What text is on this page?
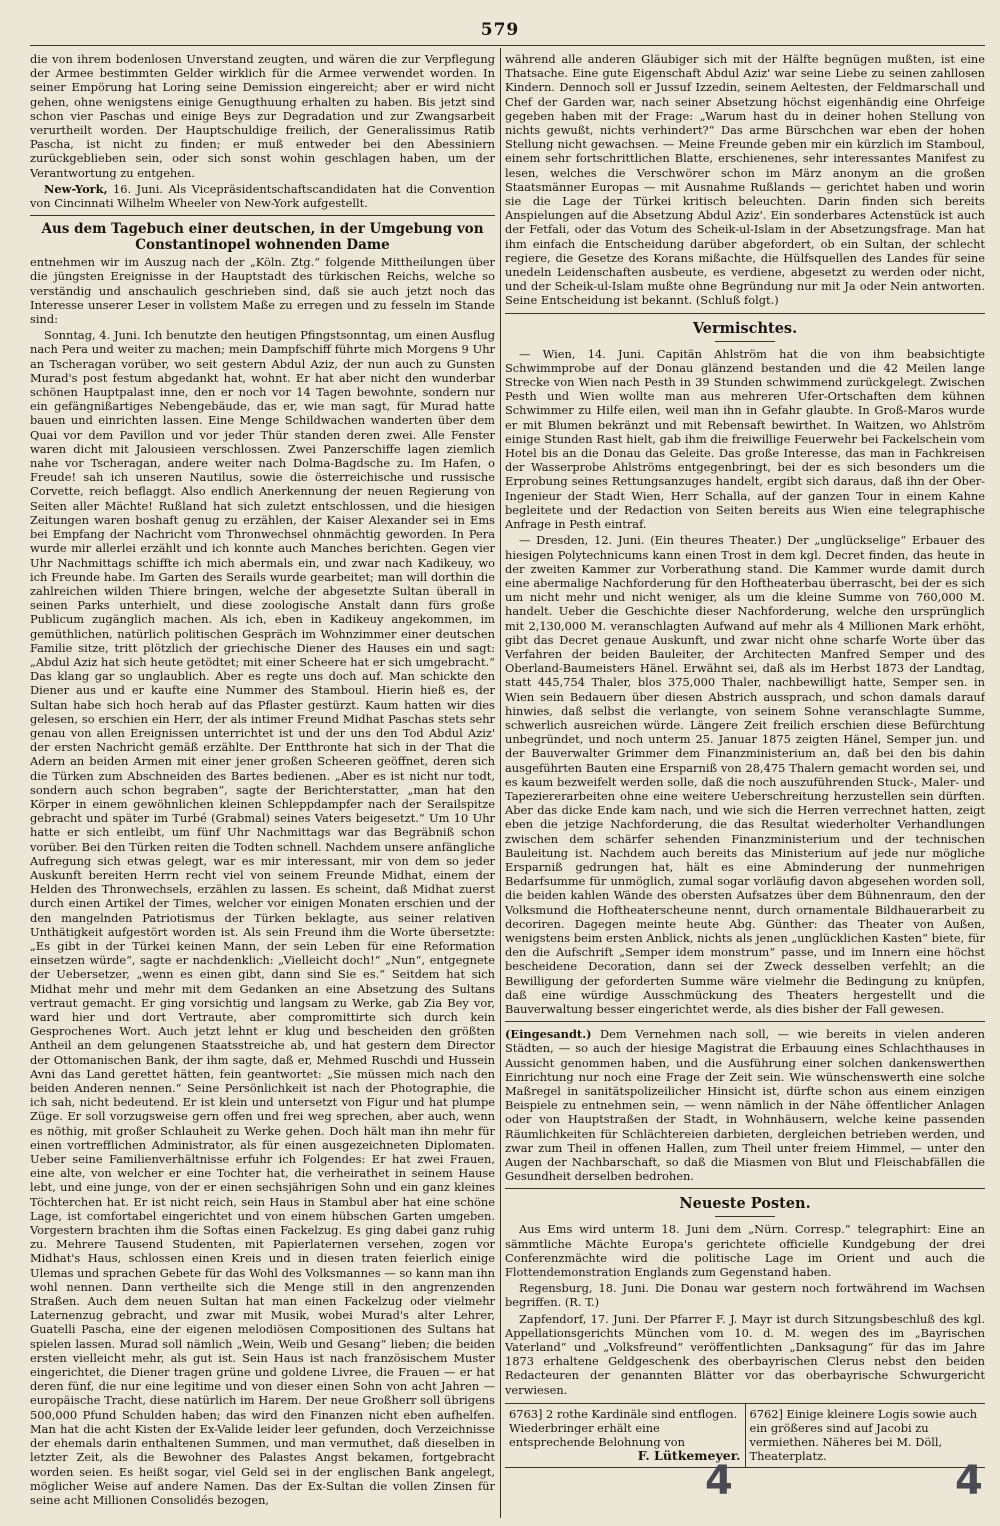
579

die von ihrem bodenlosen Unverstand zeugten, und wären die zur Verpflegung der Armee bestimmten Gelder wirklich für die Armee verwendet worden. In seiner Empörung hat Loring seine Demission eingereicht; aber er wird nicht gehen, ohne wenigstens einige Genugthuung erhalten zu haben. Bis jetzt sind schon vier Paschas und einige Beys zur Degradation und zur Zwangsarbeit verurtheilt worden. Der Hauptschuldige freilich, der Generalissimus Ratib Pascha, ist nicht zu finden; er muß entweder bei den Abessiniern zurückgeblieben sein, oder sich sonst wohin geschlagen haben, um der Verantwortung zu entgehen.

New-York, 16. Juni. Als Vicepräsidentschaftscandidaten hat die Convention von Cincinnati Wilhelm Wheeler von New-York aufgestellt.

Aus dem Tagebuch einer deutschen, in der Umgebung von Constantinopel wohnenden Dame

entnehmen wir im Auszug nach der „Köln. Ztg.“ folgende Mittheilungen über die jüngsten Ereignisse in der Hauptstadt des türkischen Reichs, welche so verständig und anschaulich geschrieben sind, daß sie auch jetzt noch das Interesse unserer Leser in vollstem Maße zu erregen und zu fesseln im Stande sind:

Sonntag, 4. Juni. Ich benutzte den heutigen Pfingstsonntag, um einen Ausflug nach Pera und weiter zu machen; mein Dampfschiff führte mich Morgens 9 Uhr an Tscheragan vorüber, wo seit gestern Abdul Aziz, der nun auch zu Gunsten Murad's post festum abgedankt hat, wohnt. Er hat aber nicht den wunderbar schönen Hauptpalast inne, den er noch vor 14 Tagen bewohnte, sondern nur ein gefängnißartiges Nebengebäude, das er, wie man sagt, für Murad hatte bauen und einrichten lassen. Eine Menge Schildwachen wanderten über dem Quai vor dem Pavillon und vor jeder Thür standen deren zwei. Alle Fenster waren dicht mit Jalousieen verschlossen. Zwei Panzerschiffe lagen ziemlich nahe vor Tscheragan, andere weiter nach Dolma-Bagdsche zu. Im Hafen, o Freude! sah ich unseren Nautilus, sowie die österreichische und russische Corvette, reich beflaggt. Also endlich Anerkennung der neuen Regierung von Seiten aller Mächte! Rußland hat sich zuletzt entschlossen, und die hiesigen Zeitungen waren boshaft genug zu erzählen, der Kaiser Alexander sei in Ems bei Empfang der Nachricht vom Thronwechsel ohnmächtig geworden. In Pera wurde mir allerlei erzählt und ich konnte auch Manches berichten. Gegen vier Uhr Nachmittags schiffte ich mich abermals ein, und zwar nach Kadikeuy, wo ich Freunde habe. Im Garten des Serails wurde gearbeitet; man will dorthin die zahlreichen wilden Thiere bringen, welche der abgesetzte Sultan überall in seinen Parks unterhielt, und diese zoologische Anstalt dann fürs große Publicum zugänglich machen. Als ich, eben in Kadikeuy angekommen, im gemüthlichen, natürlich politischen Gespräch im Wohnzimmer einer deutschen Familie sitze, tritt plötzlich der griechische Diener des Hauses ein und sagt: „Abdul Aziz hat sich heute getödtet; mit einer Scheere hat er sich umgebracht.“ Das klang gar so unglaublich. Aber es regte uns doch auf. Man schickte den Diener aus und er kaufte eine Nummer des Stamboul. Hierin hieß es, der Sultan habe sich hoch herab auf das Pflaster gestürzt. Kaum hatten wir dies gelesen, so erschien ein Herr, der als intimer Freund Midhat Paschas stets sehr genau von allen Ereignissen unterrichtet ist und der uns den Tod Abdul Aziz' der ersten Nachricht gemäß erzählte. Der Entthronte hat sich in der That die Adern an beiden Armen mit einer jener großen Scheeren geöffnet, deren sich die Türken zum Abschneiden des Bartes bedienen. „Aber es ist nicht nur todt, sondern auch schon begraben“, sagte der Berichterstatter, „man hat den Körper in einem gewöhnlichen kleinen Schleppdampfer nach der Serailspitze gebracht und später im Turbé (Grabmal) seines Vaters beigesetzt.“ Um 10 Uhr hatte er sich entleibt, um fünf Uhr Nachmittags war das Begräbniß schon vorüber. Bei den Türken reiten die Todten schnell. Nachdem unsere anfängliche Aufregung sich etwas gelegt, war es mir interessant, mir von dem so jeder Auskunft bereiten Herrn recht viel von seinem Freunde Midhat, einem der Helden des Thronwechsels, erzählen zu lassen. Es scheint, daß Midhat zuerst durch einen Artikel der Times, welcher vor einigen Monaten erschien und der den mangelnden Patriotismus der Türken beklagte, aus seiner relativen Unthätigkeit aufgestört worden ist. Als sein Freund ihm die Worte übersetzte: „Es gibt in der Türkei keinen Mann, der sein Leben für eine Reformation einsetzen würde“, sagte er nachdenklich: „Vielleicht doch!“ „Nun“, entgegnete der Uebersetzer, „wenn es einen gibt, dann sind Sie es.“ Seitdem hat sich Midhat mehr und mehr mit dem Gedanken an eine Absetzung des Sultans vertraut gemacht. Er ging vorsichtig und langsam zu Werke, gab Zia Bey vor, ward hier und dort Vertraute, aber compromittirte sich durch kein Gesprochenes Wort. Auch jetzt lehnt er klug und bescheiden den größten Antheil an dem gelungenen Staatsstreiche ab, und hat gestern dem Director der Ottomanischen Bank, der ihm sagte, daß er, Mehmed Ruschdi und Hussein Avni das Land gerettet hätten, fein geantwortet: „Sie müssen mich nach den beiden Anderen nennen.“ Seine Persönlichkeit ist nach der Photographie, die ich sah, nicht bedeutend. Er ist klein und untersetzt von Figur und hat plumpe Züge. Er soll vorzugsweise gern offen und frei weg sprechen, aber auch, wenn es nöthig, mit großer Schlauheit zu Werke gehen. Doch hält man ihn mehr für einen vortrefflichen Administrator, als für einen ausgezeichneten Diplomaten. Ueber seine Familienverhältnisse erfuhr ich Folgendes: Er hat zwei Frauen, eine alte, von welcher er eine Tochter hat, die verheirathet in seinem Hause lebt, und eine junge, von der er einen sechsjährigen Sohn und ein ganz kleines Töchterchen hat. Er ist nicht reich, sein Haus in Stambul aber hat eine schöne Lage, ist comfortabel eingerichtet und von einem hübschen Garten umgeben. Vorgestern brachten ihm die Softas einen Fackelzug. Es ging dabei ganz ruhig zu. Mehrere Tausend Studenten, mit Papierlaternen versehen, zogen vor Midhat's Haus, schlossen einen Kreis und in diesen traten feierlich einige Ulemas und sprachen Gebete für das Wohl des Volksmannes — so kann man ihn wohl nennen. Dann vertheilte sich die Menge still in den angrenzenden Straßen. Auch dem neuen Sultan hat man einen Fackelzug oder vielmehr Laternenzug gebracht, und zwar mit Musik, wobei Murad's alter Lehrer, Guatelli Pascha, eine der eigenen melodiösen Compositionen des Sultans hat spielen lassen. Murad soll nämlich „Wein, Weib und Gesang“ lieben; die beiden ersten vielleicht mehr, als gut ist. Sein Haus ist nach französischem Muster eingerichtet, die Diener tragen grüne und goldene Livree, die Frauen — er hat deren fünf, die nur eine legitime und von dieser einen Sohn von acht Jahren — europäische Tracht, diese natürlich im Harem. Der neue Großherr soll übrigens 500,000 Pfund Schulden haben; das wird den Finanzen nicht eben aufhelfen. Man hat die acht Kisten der Ex-Valide leider leer gefunden, doch Verzeichnisse der ehemals darin enthaltenen Summen, und man vermuthet, daß dieselben in letzter Zeit, als die Bewohner des Palastes Angst bekamen, fortgebracht worden seien. Es heißt sogar, viel Geld sei in der englischen Bank angelegt, möglicher Weise auf andere Namen. Das der Ex-Sultan die vollen Zinsen für seine acht Millionen Consolidés bezogen,

während alle anderen Gläubiger sich mit der Hälfte begnügen mußten, ist eine Thatsache. Eine gute Eigenschaft Abdul Aziz' war seine Liebe zu seinen zahllosen Kindern. Dennoch soll er Jussuf Izzedin, seinem Aeltesten, der Feldmarschall und Chef der Garden war, nach seiner Absetzung höchst eigenhändig eine Ohrfeige gegeben haben mit der Frage: „Warum hast du in deiner hohen Stellung von nichts gewußt, nichts verhindert?“ Das arme Bürschchen war eben der hohen Stellung nicht gewachsen. — Meine Freunde geben mir ein kürzlich im Stamboul, einem sehr fortschrittlichen Blatte, erschienenes, sehr interessantes Manifest zu lesen, welches die Verschwörer schon im März anonym an die großen Staatsmänner Europas — mit Ausnahme Rußlands — gerichtet haben und worin sie die Lage der Türkei kritisch beleuchten. Darin finden sich bereits Anspielungen auf die Absetzung Abdul Aziz'. Ein sonderbares Actenstück ist auch der Fetfali, oder das Votum des Scheik-ul-Islam in der Absetzungsfrage. Man hat ihm einfach die Entscheidung darüber abgefordert, ob ein Sultan, der schlecht regiere, die Gesetze des Korans mißachte, die Hülfsquellen des Landes für seine unedeln Leidenschaften ausbeute, es verdiene, abgesetzt zu werden oder nicht, und der Scheik-ul-Islam mußte ohne Begründung nur mit Ja oder Nein antworten. Seine Entscheidung ist bekannt. (Schluß folgt.)

Vermischtes.

— Wien, 14. Juni. Capitän Ahlström hat die von ihm beabsichtigte Schwimmprobe auf der Donau glänzend bestanden und die 42 Meilen lange Strecke von Wien nach Pesth in 39 Stunden schwimmend zurückgelegt. Zwischen Pesth und Wien wollte man aus mehreren Ufer-Ortschaften dem kühnen Schwimmer zu Hilfe eilen, weil man ihn in Gefahr glaubte. In Groß-Maros wurde er mit Blumen bekränzt und mit Rebensaft bewirthet. In Waitzen, wo Ahlström einige Stunden Rast hielt, gab ihm die freiwillige Feuerwehr bei Fackelschein vom Hotel bis an die Donau das Geleite. Das große Interesse, das man in Fachkreisen der Wasserprobe Ahlströms entgegenbringt, bei der es sich besonders um die Erprobung seines Rettungsanzuges handelt, ergibt sich daraus, daß ihn der Ober-Ingenieur der Stadt Wien, Herr Schalla, auf der ganzen Tour in einem Kahne begleitete und der Redaction von Seiten bereits aus Wien eine telegraphische Anfrage in Pesth eintraf.

— Dresden, 12. Juni. (Ein theures Theater.) Der „unglückselige“ Erbauer des hiesigen Polytechnicums kann einen Trost in dem kgl. Decret finden, das heute in der zweiten Kammer zur Vorberathung stand. Die Kammer wurde damit durch eine abermalige Nachforderung für den Hoftheaterbau überrascht, bei der es sich um nicht mehr und nicht weniger, als um die kleine Summe von 760,000 M. handelt. Ueber die Geschichte dieser Nachforderung, welche den ursprünglich mit 2,130,000 M. veranschlagten Aufwand auf mehr als 4 Millionen Mark erhöht, gibt das Decret genaue Auskunft, und zwar nicht ohne scharfe Worte über das Verfahren der beiden Bauleiter, der Architecten Manfred Semper und des Oberland-Baumeisters Hänel. Erwähnt sei, daß als im Herbst 1873 der Landtag, statt 445,754 Thaler, blos 375,000 Thaler, nachbewilligt hatte, Semper sen. in Wien sein Bedauern über diesen Abstrich aussprach, und schon damals darauf hinwies, daß selbst die verlangte, von seinem Sohne veranschlagte Summe, schwerlich ausreichen würde. Längere Zeit freilich erschien diese Befürchtung unbegründet, und noch unterm 25. Januar 1875 zeigten Hänel, Semper jun. und der Bauverwalter Grimmer dem Finanzministerium an, daß bei den bis dahin ausgeführten Bauten eine Ersparniß von 28,475 Thalern gemacht worden sei, und es kaum bezweifelt werden solle, daß die noch auszuführenden Stuck-, Maler- und Tapeziererarbeiten ohne eine weitere Ueberschreitung herzustellen sein dürften. Aber das dicke Ende kam nach, und wie sich die Herren verrechnet hatten, zeigt eben die jetzige Nachforderung, die das Resultat wiederholter Verhandlungen zwischen dem schärfer sehenden Finanzministerium und der technischen Bauleitung ist. Nachdem auch bereits das Ministerium auf jede nur mögliche Ersparniß gedrungen hat, hält es eine Abminderung der nunmehrigen Bedarfsumme für unmöglich, zumal sogar vorläufig davon abgesehen worden soll, die beiden kahlen Wände des obersten Aufsatzes über dem Bühnenraum, den der Volksmund die Hoftheaterscheune nennt, durch ornamentale Bildhauerarbeit zu decoriren. Dagegen meinte heute Abg. Günther: das Theater von Außen, wenigstens beim ersten Anblick, nichts als jenen „unglücklichen Kasten“ biete, für den die Aufschrift „Semper idem monstrum“ passe, und im Innern eine höchst bescheidene Decoration, dann sei der Zweck desselben verfehlt; an die Bewilligung der geforderten Summe wäre vielmehr die Bedingung zu knüpfen, daß eine würdige Ausschmückung des Theaters hergestellt und die Bauverwaltung besser eingerichtet werde, als dies bisher der Fall gewesen.

(Eingesandt.) Dem Vernehmen nach soll, — wie bereits in vielen anderen Städten, — so auch der hiesige Magistrat die Erbauung eines Schlachthauses in Aussicht genommen haben, und die Ausführung einer solchen dankenswerthen Einrichtung nur noch eine Frage der Zeit sein. Wie wünschenswerth eine solche Maßregel in sanitätspolizeilicher Hinsicht ist, dürfte schon aus einem einzigen Beispiele zu entnehmen sein, — wenn nämlich in der Nähe öffentlicher Anlagen oder von Hauptstraßen der Stadt, in Wohnhäusern, welche keine passenden Räumlichkeiten für Schlächtereien darbieten, dergleichen betrieben werden, und zwar zum Theil in offenen Hallen, zum Theil unter freiem Himmel, — unter den Augen der Nachbarschaft, so daß die Miasmen von Blut und Fleischabfällen die Gesundheit derselben bedrohen.

Neueste Posten.

Aus Ems wird unterm 18. Juni dem „Nürn. Corresp.“ telegraphirt: Eine an sämmtliche Mächte Europa's gerichtete officielle Kundgebung der drei Conferenzmächte wird die politische Lage im Orient und auch die Flottendemonstration Englands zum Gegenstand haben.

Regensburg, 18. Juni. Die Donau war gestern noch fortwährend im Wachsen begriffen. (R. T.)

Zapfendorf, 17. Juni. Der Pfarrer F. J. Mayr ist durch Sitzungsbeschluß des kgl. Appellationsgerichts München vom 10. d. M. wegen des im „Bayrischen Vaterland“ und „Volksfreund“ veröffentlichten „Danksagung“ für das im Jahre 1873 erhaltene Geldgeschenk des oberbayrischen Clerus nebst den beiden Redacteuren der genannten Blätter vor das oberbayrische Schwurgericht verwiesen.

6763] 2 rothe Kardinäle sind entflogen. Wiederbringer erhält eine entsprechende Belohnung von
F. Lütkemeyer.
6762] Einige kleinere Logis sowie auch ein größeres sind auf Jacobi zu vermiethen. Näheres bei M. Döll, Theaterplatz.
4	4
